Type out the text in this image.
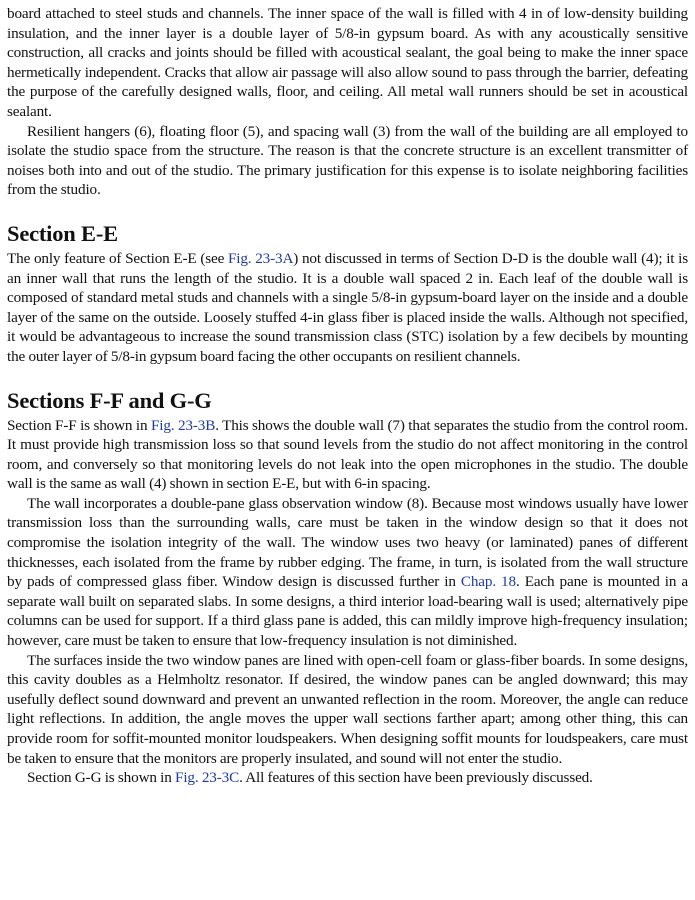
board attached to steel studs and channels. The inner space of the wall is filled with 4 in of low-density building insulation, and the inner layer is a double layer of 5/8-in gypsum board. As with any acoustically sensitive construction, all cracks and joints should be filled with acoustical sealant, the goal being to make the inner space hermetically independent. Cracks that allow air passage will also allow sound to pass through the barrier, defeating the purpose of the carefully designed walls, floor, and ceiling. All metal wall runners should be set in acoustical sealant.

Resilient hangers (6), floating floor (5), and spacing wall (3) from the wall of the building are all employed to isolate the studio space from the structure. The reason is that the concrete structure is an excellent transmitter of noises both into and out of the studio. The primary justification for this expense is to isolate neighboring facilities from the studio.

Section E-E

The only feature of Section E-E (see Fig. 23-3A) not discussed in terms of Section D-D is the double wall (4); it is an inner wall that runs the length of the studio. It is a double wall spaced 2 in. Each leaf of the double wall is composed of standard metal studs and channels with a single 5/8-in gypsum-board layer on the inside and a double layer of the same on the outside. Loosely stuffed 4-in glass fiber is placed inside the walls. Although not specified, it would be advantageous to increase the sound transmission class (STC) isolation by a few decibels by mounting the outer layer of 5/8-in gypsum board facing the other occupants on resilient channels.

Sections F-F and G-G

Section F-F is shown in Fig. 23-3B. This shows the double wall (7) that separates the studio from the control room. It must provide high transmission loss so that sound levels from the studio do not affect monitoring in the control room, and conversely so that monitoring levels do not leak into the open microphones in the studio. The double wall is the same as wall (4) shown in section E-E, but with 6-in spacing.

The wall incorporates a double-pane glass observation window (8). Because most windows usually have lower transmission loss than the surrounding walls, care must be taken in the window design so that it does not compromise the isolation integrity of the wall. The window uses two heavy (or laminated) panes of different thicknesses, each isolated from the frame by rubber edging. The frame, in turn, is isolated from the wall structure by pads of compressed glass fiber. Window design is discussed further in Chap. 18. Each pane is mounted in a separate wall built on separated slabs. In some designs, a third interior load-bearing wall is used; alternatively pipe columns can be used for support. If a third glass pane is added, this can mildly improve high-frequency insulation; however, care must be taken to ensure that low-frequency insulation is not diminished.

The surfaces inside the two window panes are lined with open-cell foam or glass-fiber boards. In some designs, this cavity doubles as a Helmholtz resonator. If desired, the window panes can be angled downward; this may usefully deflect sound downward and prevent an unwanted reflection in the room. Moreover, the angle can reduce light reflections. In addition, the angle moves the upper wall sections farther apart; among other thing, this can provide room for soffit-mounted monitor loudspeakers. When designing soffit mounts for loudspeakers, care must be taken to ensure that the monitors are properly insulated, and sound will not enter the studio.

Section G-G is shown in Fig. 23-3C. All features of this section have been previously discussed.
